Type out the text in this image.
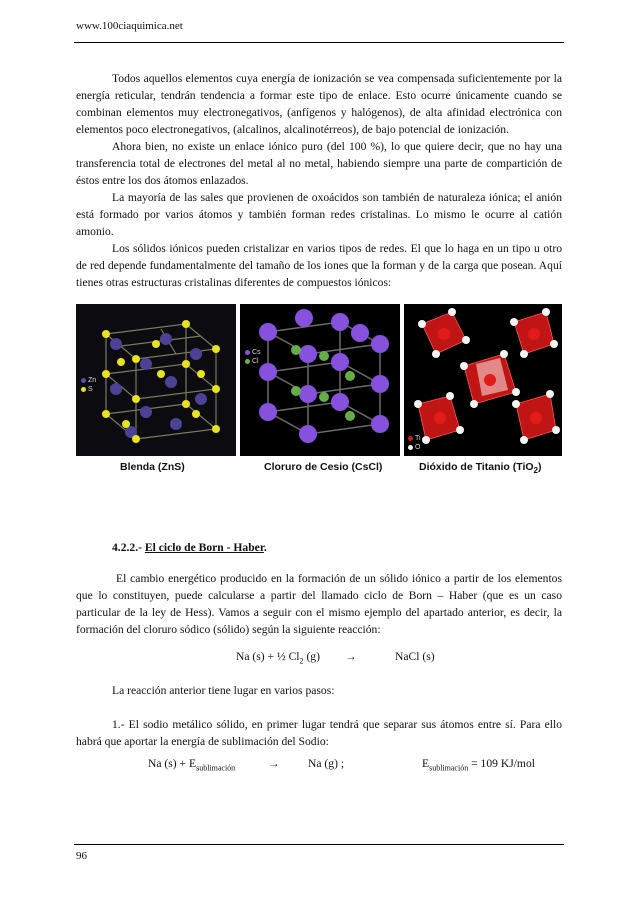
www.100ciaquimica.net

Todos aquellos elementos cuya energía de ionización se vea compensada suficientemente por la energía reticular, tendrán tendencia a formar este tipo de enlace. Esto ocurre únicamente cuando se combinan elementos muy electronegativos, (anfígenos y halógenos), de alta afinidad electrónica con elementos poco electronegativos, (alcalinos, alcalinotérreos), de bajo potencial de ionización.

Ahora bien, no existe un enlace iónico puro (del 100 %), lo que quiere decir, que no hay una transferencia total de electrones del metal al no metal, habiendo siempre una parte de compartición de éstos entre los dos átomos enlazados.

La mayoría de las sales que provienen de oxoácidos son también de naturaleza iónica; el anión está formado por varios átomos y también forman redes cristalinas. Lo mismo le ocurre al catión amonio.

Los sólidos iónicos pueden cristalizar en varios tipos de redes. El que lo haga en un tipo u otro de red depende fundamentalmente del tamaño de los iones que la forman y de la carga que posean. Aquí tienes otras estructuras cristalinas diferentes de compuestos iónicos:

Zn
S
Cs
Cl
Ti
O
Blenda (ZnS)	Cloruro de Cesio (CsCl)	Dióxido de Titanio (TiO$_2$)
4.2.2.- El ciclo de Born - Haber.

El cambio energético producido en la formación de un sólido iónico a partir de los elementos que lo constituyen, puede calcularse a partir del llamado ciclo de Born – Haber (que es un caso particular de la ley de Hess). Vamos a seguir con el mismo ejemplo del apartado anterior, es decir, la formación del cloruro sódico (sólido) según la siguiente reacción:

Na (s) + ½ $Cl_2$ (g) →	NaCl (s)
La reacción anterior tiene lugar en varios pasos:

1.- El sodio metálico sólido, en primer lugar tendrá que separar sus átomos entre sí. Para ello habrá que aportar la energía de sublimación del Sodio:

Na $(s) + E_{sublimación}$	→ Na (g) ;	$E_{sublimación} = 109$ KJ/mol
96
